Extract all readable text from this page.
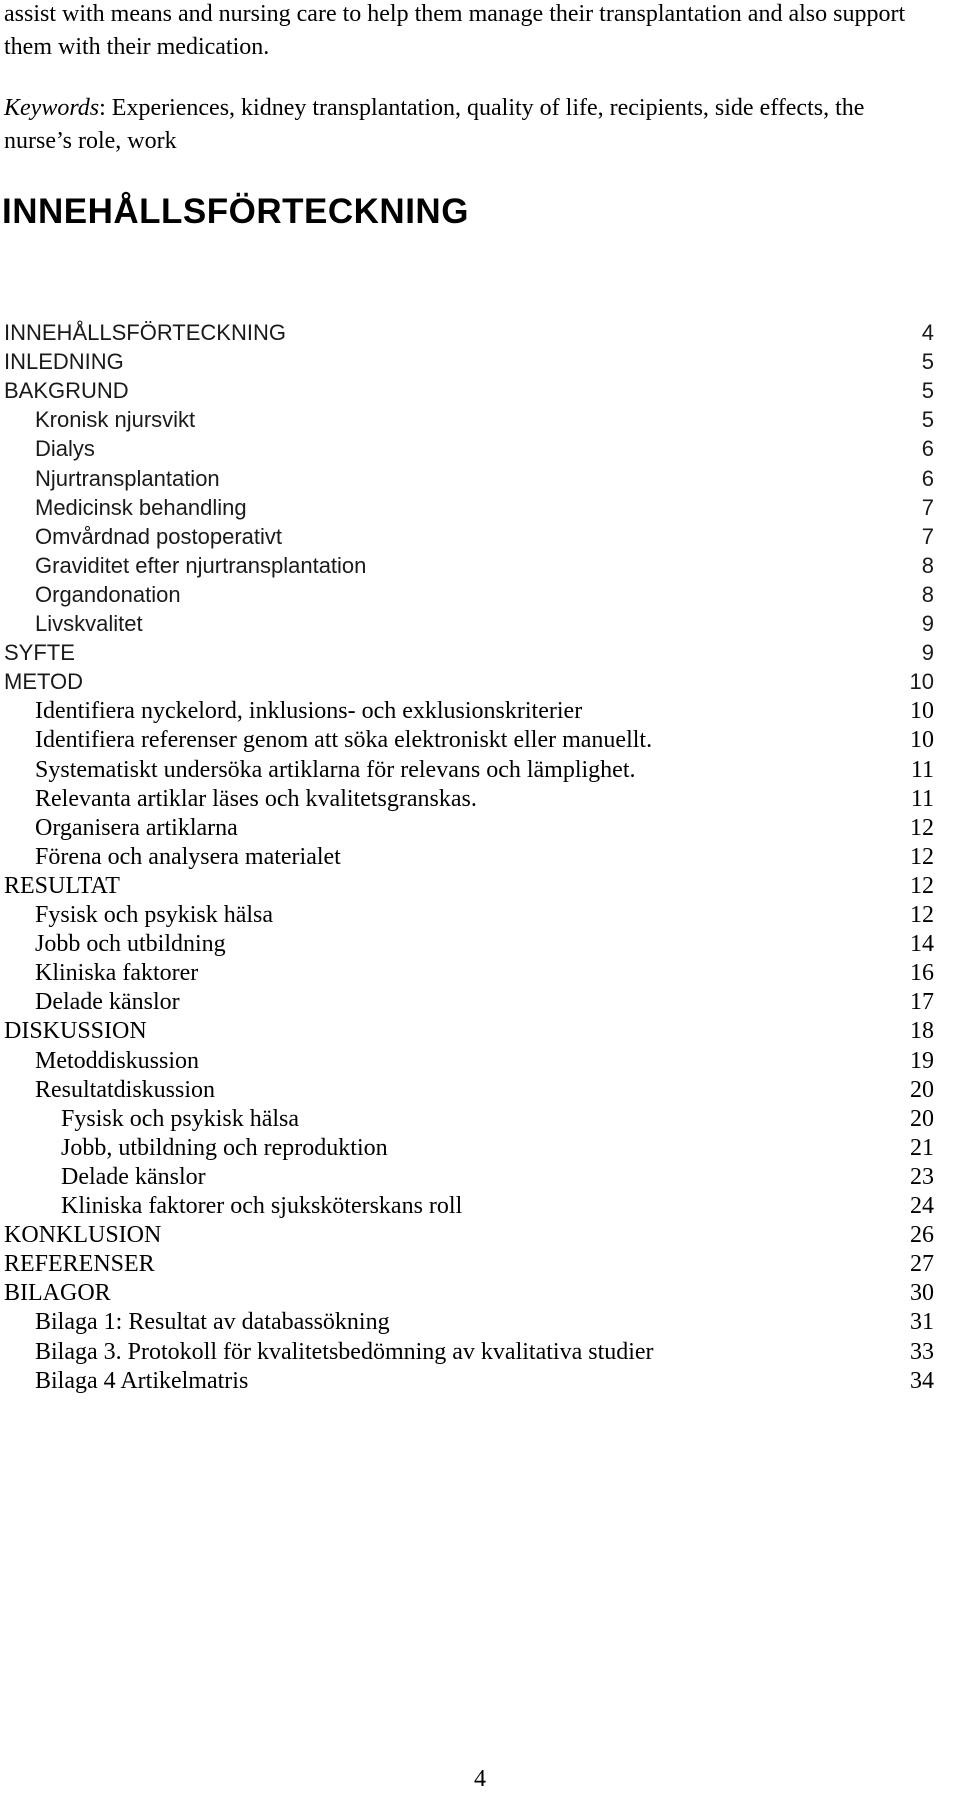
assist with means and nursing care to help them manage their transplantation and also support them with their medication.
Keywords: Experiences, kidney transplantation, quality of life, recipients, side effects, the nurse’s role, work
INNEHÅLLSFÖRTECKNING
INNEHÅLLSFÖRTECKNING	4
INLEDNING	5
BAKGRUND	5
Kronisk njursvikt	5
Dialys	6
Njurtransplantation	6
Medicinsk behandling	7
Omvårdnad postoperativt	7
Graviditet efter njurtransplantation	8
Organdonation	8
Livskvalitet	9
SYFTE	9
METOD	10
Identifiera nyckelord, inklusions- och exklusionskriterier	10
Identifiera referenser genom att söka elektroniskt eller manuellt.	10
Systematiskt undersöka artiklarna för relevans och lämplighet.	11
Relevanta artiklar läses och kvalitetsgranskas.	11
Organisera artiklarna	12
Förena och analysera materialet	12
RESULTAT	12
Fysisk och psykisk hälsa	12
Jobb och utbildning	14
Kliniska faktorer	16
Delade känslor	17
DISKUSSION	18
Metoddiskussion	19
Resultatdiskussion	20
Fysisk och psykisk hälsa	20
Jobb, utbildning och reproduktion	21
Delade känslor	23
Kliniska faktorer och sjuksköterskans roll	24
KONKLUSION	26
REFERENSER	27
BILAGOR	30
Bilaga 1: Resultat av databassökning	31
Bilaga 3. Protokoll för kvalitetsbedömning av kvalitativa studier	33
Bilaga 4 Artikelmatris	34
4
